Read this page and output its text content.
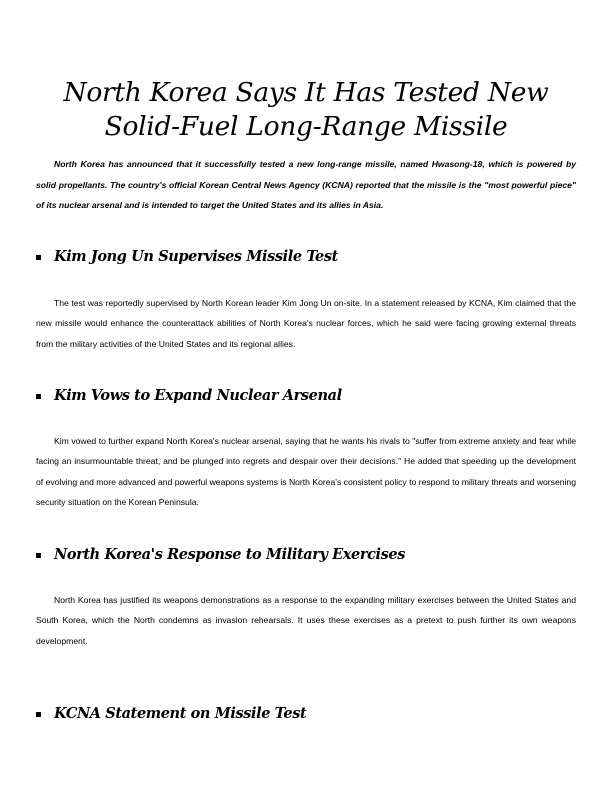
North Korea Says It Has Tested New Solid-Fuel Long-Range Missile

North Korea has announced that it successfully tested a new long-range missile, named Hwasong-18, which is powered by solid propellants. The country's official Korean Central News Agency (KCNA) reported that the missile is the "most powerful piece" of its nuclear arsenal and is intended to target the United States and its allies in Asia.

Kim Jong Un Supervises Missile Test

The test was reportedly supervised by North Korean leader Kim Jong Un on-site. In a statement released by KCNA, Kim claimed that the new missile would enhance the counterattack abilities of North Korea's nuclear forces, which he said were facing growing external threats from the military activities of the United States and its regional allies.

Kim Vows to Expand Nuclear Arsenal

Kim vowed to further expand North Korea's nuclear arsenal, saying that he wants his rivals to "suffer from extreme anxiety and fear while facing an insurmountable threat, and be plunged into regrets and despair over their decisions." He added that speeding up the development of evolving and more advanced and powerful weapons systems is North Korea's consistent policy to respond to military threats and worsening security situation on the Korean Peninsula.

North Korea's Response to Military Exercises

North Korea has justified its weapons demonstrations as a response to the expanding military exercises between the United States and South Korea, which the North condemns as invasion rehearsals. It uses these exercises as a pretext to push further its own weapons development.

KCNA Statement on Missile Test
